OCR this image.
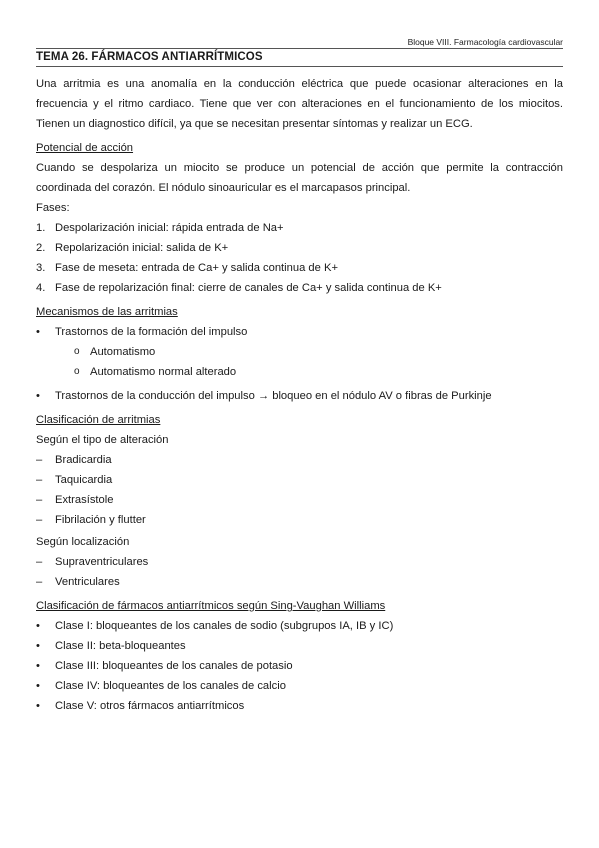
Bloque VIII. Farmacología cardiovascular
TEMA 26. FÁRMACOS ANTIARRÍTMICOS

Una arritmia es una anomalía en la conducción eléctrica que puede ocasionar alteraciones en la frecuencia y el ritmo cardiaco. Tiene que ver con alteraciones en el funcionamiento de los miocitos. Tienen un diagnostico difícil, ya que se necesitan presentar síntomas y realizar un ECG.

Potencial de acción

Cuando se despolariza un miocito se produce un potencial de acción que permite la contracción coordinada del corazón. El nódulo sinoauricular es el marcapasos principal.

Fases:

1. Despolarización inicial: rápida entrada de Na+
2. Repolarización inicial: salida de K+
3. Fase de meseta: entrada de Ca+ y salida continua de K+
4. Fase de repolarización final: cierre de canales de Ca+ y salida continua de K+

Mecanismos de las arritmias

•	Trastornos de la formación del impulso
o Automatismo
o Automatismo normal alterado
•	Trastornos de la conducción del impulso → bloqueo en el nódulo AV o fibras de Purkinje

Clasificación de arritmias

Según el tipo de alteración

–	Bradicardia
–	Taquicardia
–	Extrasístole
–	Fibrilación y flutter

Según localización

–	Supraventriculares
–	Ventriculares

Clasificación de fármacos antiarrítmicos según Sing-Vaughan Williams

•	Clase I: bloqueantes de los canales de sodio (subgrupos IA, IB y IC)
•	Clase II: beta-bloqueantes
•	Clase III: bloqueantes de los canales de potasio
•	Clase IV: bloqueantes de los canales de calcio
•	Clase V: otros fármacos antiarrítmicos
